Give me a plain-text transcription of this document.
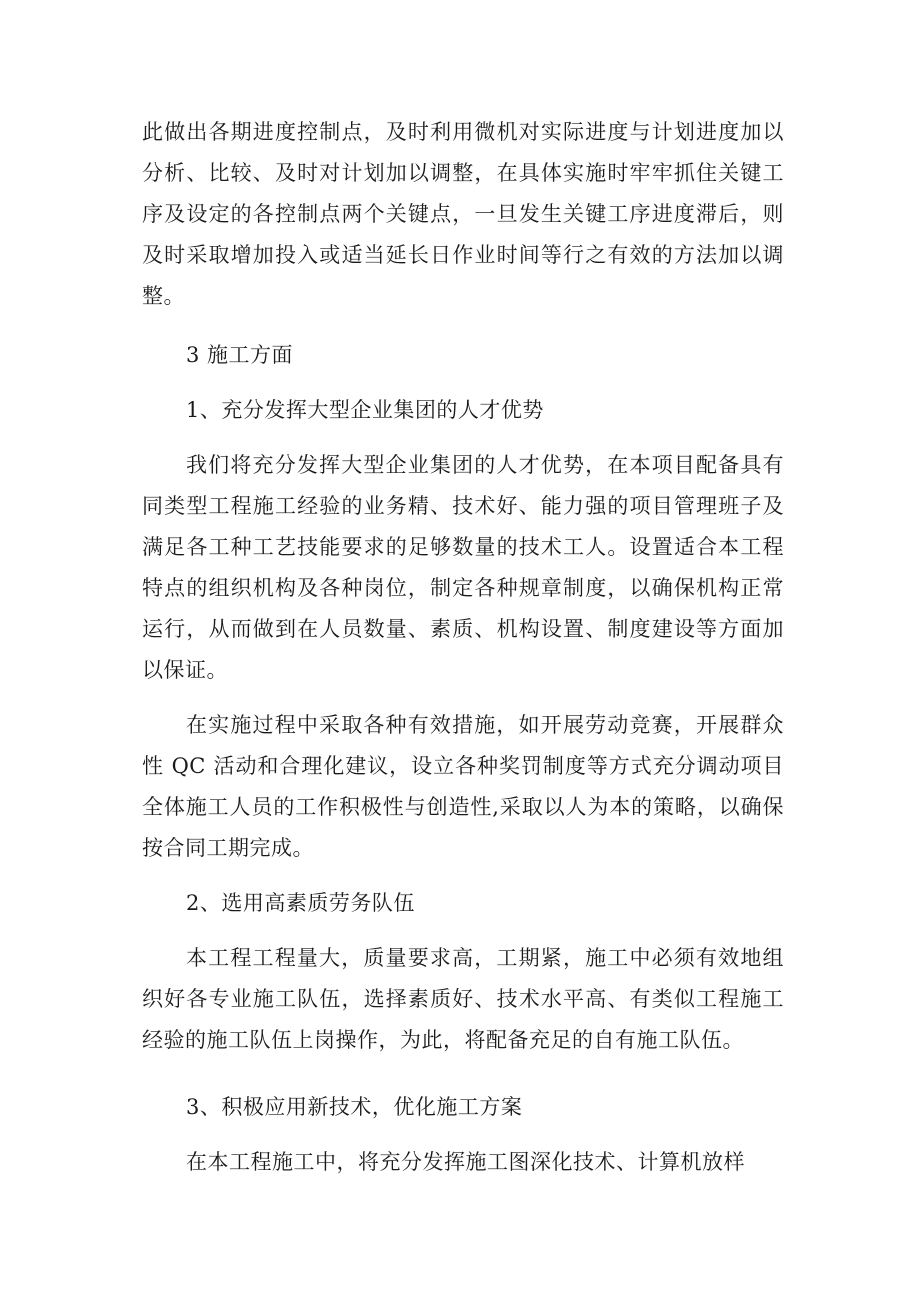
此做出各期进度控制点，及时利用微机对实际进度与计划进度加以分析、比较、及时对计划加以调整，在具体实施时牢牢抓住关键工序及设定的各控制点两个关键点，一旦发生关键工序进度滞后，则及时采取增加投入或适当延长日作业时间等行之有效的方法加以调整。

3 施工方面

1、充分发挥大型企业集团的人才优势

我们将充分发挥大型企业集团的人才优势，在本项目配备具有同类型工程施工经验的业务精、技术好、能力强的项目管理班子及满足各工种工艺技能要求的足够数量的技术工人。设置适合本工程特点的组织机构及各种岗位，制定各种规章制度，以确保机构正常运行，从而做到在人员数量、素质、机构设置、制度建设等方面加以保证。

在实施过程中采取各种有效措施，如开展劳动竞赛，开展群众性 QC 活动和合理化建议，设立各种奖罚制度等方式充分调动项目全体施工人员的工作积极性与创造性,采取以人为本的策略，以确保按合同工期完成。

2、选用高素质劳务队伍

本工程工程量大，质量要求高，工期紧，施工中必须有效地组织好各专业施工队伍，选择素质好、技术水平高、有类似工程施工经验的施工队伍上岗操作，为此，将配备充足的自有施工队伍。

3、积极应用新技术，优化施工方案

在本工程施工中，将充分发挥施工图深化技术、计算机放样
